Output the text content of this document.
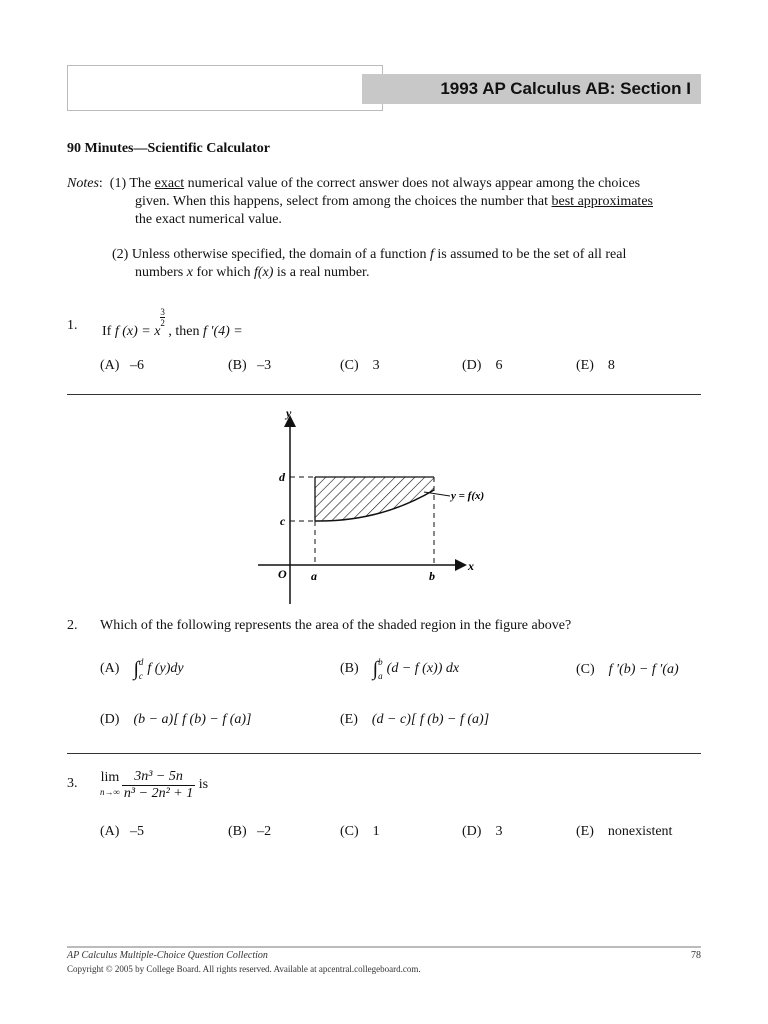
1993 AP Calculus AB: Section I
90 Minutes—Scientific Calculator
Notes:  (1) The exact numerical value of the correct answer does not always appear among the choices
given. When this happens, select from among the choices the number that best approximates
the exact numerical value.
(2) Unless otherwise specified, the domain of a function f is assumed to be the set of all real
numbers x for which f(x) is a real number.
1. If
f (x) = x
$\frac{3}{2}$

, then
f ′(4) =
(A) –6	(B) –3	(C) 3	(D) 6	(E) 8
y
x
O a	b
d
c
y = f(x)
2. Which of the following represents the area of the shaded region in the figure above?
(A)
∫ d
c f (y)dy	(B)
∫ b
a (d − f (x)) dx	(C) f ′(b) − f ′(a)
(D) (b − a)[ f (b) − f (a)]	(E) (d − c)[ f (b) − f (a)]
3. lim
$n\to\infty \frac{\text{3n³ − 5n}}{\text{n³ − 2n² + 1}}$
is
(A) –5	(B) –2	(C) 1	(D) 3	(E) nonexistent
AP Calculus Multiple-Choice Question Collection	78
Copyright © 2005 by College Board. All rights reserved. Available at apcentral.collegeboard.com.
